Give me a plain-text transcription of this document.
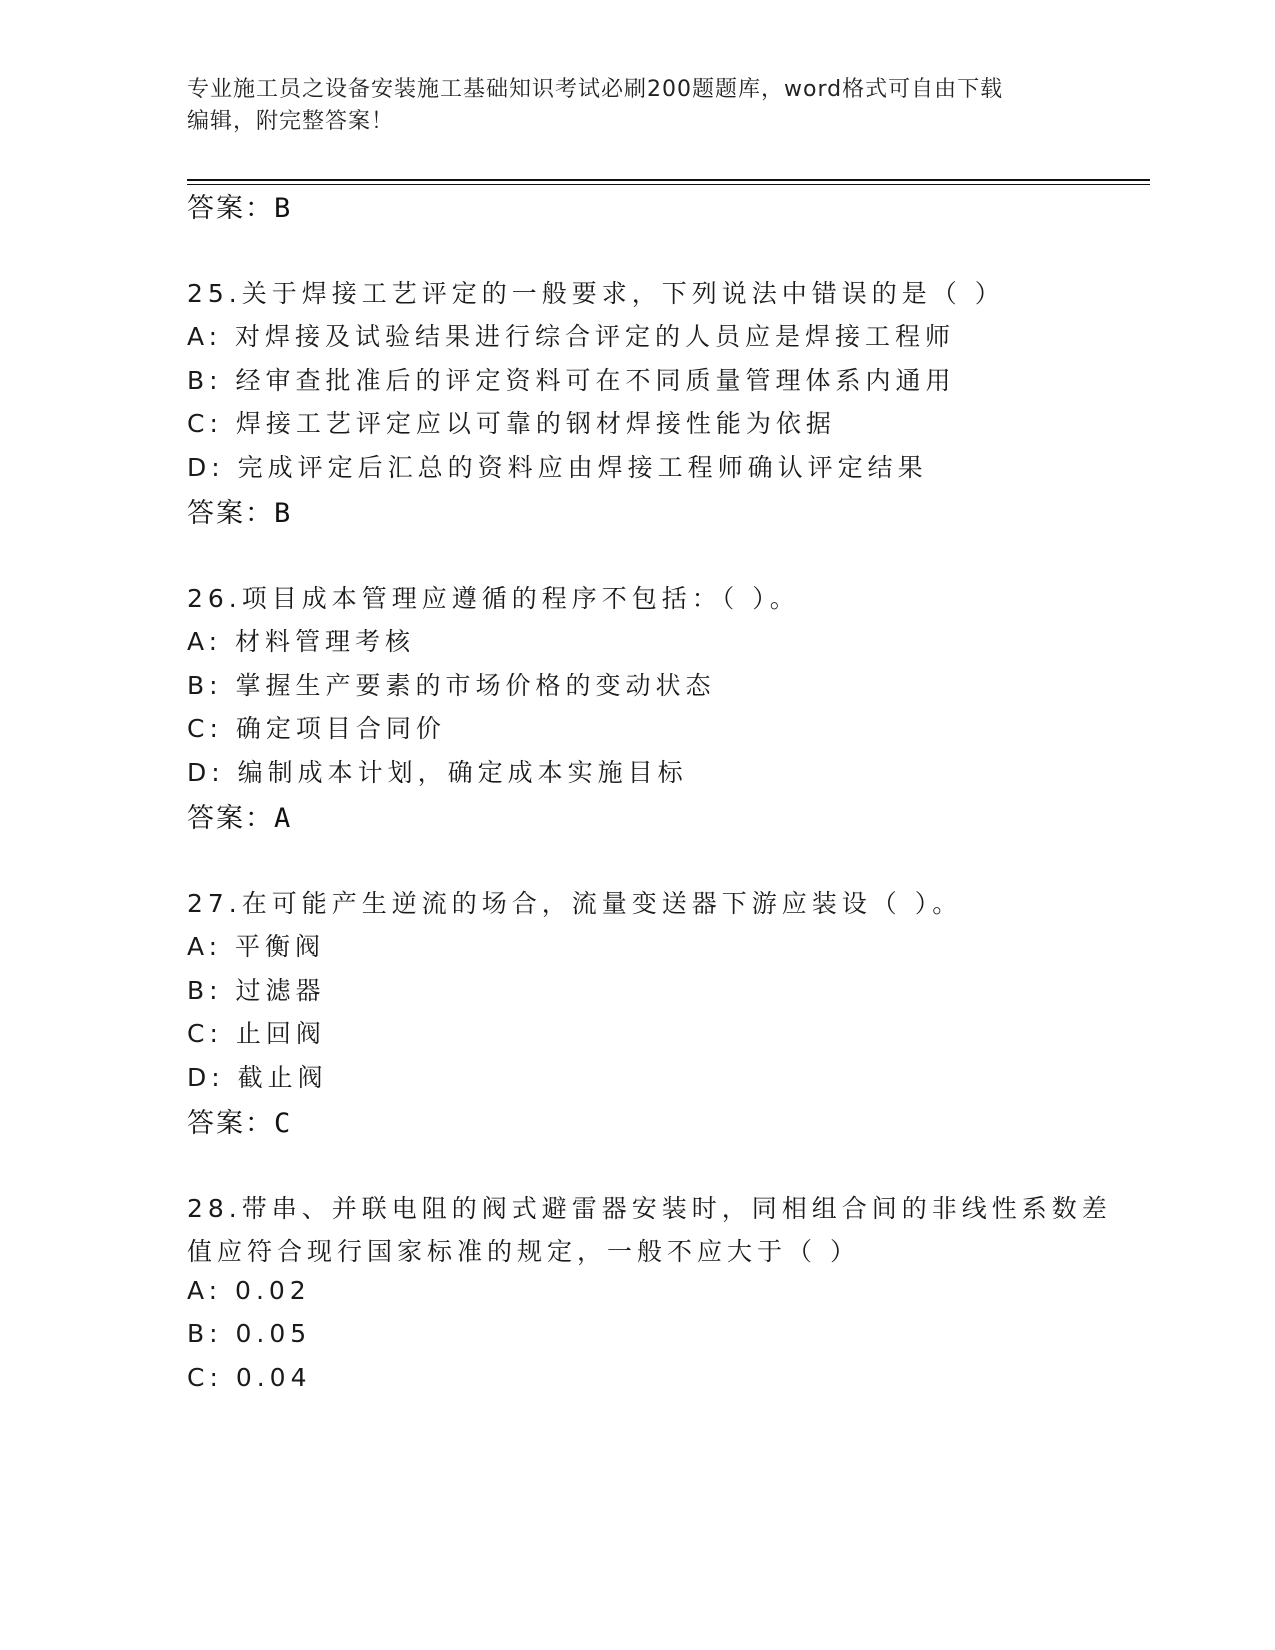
专业施工员之设备安装施工基础知识考试必刷200题题库，word格式可自由下载
编辑，附完整答案！
答案：B
25.关于焊接工艺评定的一般要求，下列说法中错误的是（ ）
A: 对焊接及试验结果进行综合评定的人员应是焊接工程师
B: 经审查批准后的评定资料可在不同质量管理体系内通用
C: 焊接工艺评定应以可靠的钢材焊接性能为依据
D: 完成评定后汇总的资料应由焊接工程师确认评定结果
答案：B
26.项目成本管理应遵循的程序不包括：（ ）。
A: 材料管理考核
B: 掌握生产要素的市场价格的变动状态
C: 确定项目合同价
D: 编制成本计划，确定成本实施目标
答案：A
27.在可能产生逆流的场合，流量变送器下游应装设（ ）。
A: 平衡阀
B: 过滤器
C: 止回阀
D: 截止阀
答案：C
28.带串、并联电阻的阀式避雷器安装时，同相组合间的非线性系数差
值应符合现行国家标准的规定，一般不应大于（ ）
A: 0.02
B: 0.05
C: 0.04
